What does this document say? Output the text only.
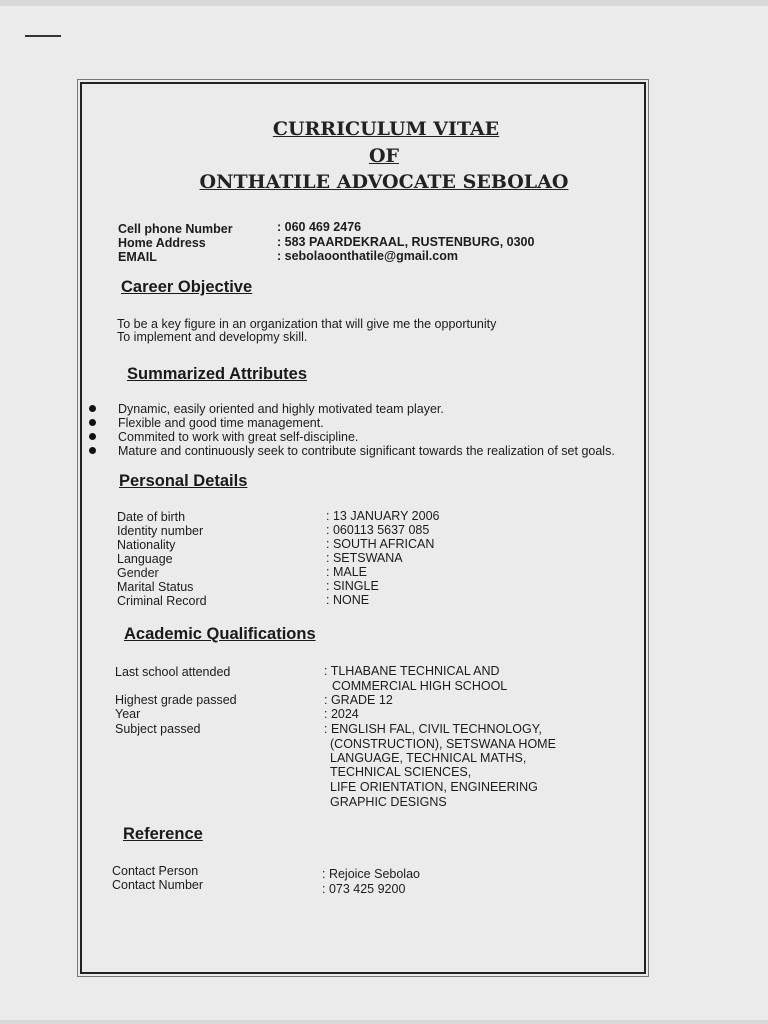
CURRICULUM VITAE
OF
ONTHATILE ADVOCATE SEBOLAO
Cell phone Number	: 060 469 2476
Home Address	: 583 PAARDEKRAAL, RUSTENBURG, 0300
EMAIL	: sebolaoonthatile@gmail.com
Career Objective
To be a key figure in an organization that will give me the opportunity
To implement and developmy skill.
Summarized Attributes
Dynamic, easily oriented and highly motivated team player.
Flexible and good time management.
Commited to work with great self-discipline.
Mature and continuously seek to contribute significant towards the realization of set goals.
Personal Details
Date of birth	: 13 JANUARY 2006
Identity number	: 060113 5637 085
Nationality	: SOUTH AFRICAN
Language	: SETSWANA
Gender	: MALE
Marital Status	: SINGLE
Criminal Record	: NONE
Academic Qualifications
Last school attended	: TLHABANE TECHNICAL AND
COMMERCIAL HIGH SCHOOL
Highest grade passed	: GRADE 12
Year	: 2024
Subject passed	: ENGLISH FAL, CIVIL TECHNOLOGY,
(CONSTRUCTION), SETSWANA HOME
LANGUAGE, TECHNICAL MATHS,
TECHNICAL SCIENCES,
LIFE ORIENTATION, ENGINEERING
GRAPHIC DESIGNS
Reference
Contact Person	: Rejoice Sebolao
Contact Number	: 073 425 9200
